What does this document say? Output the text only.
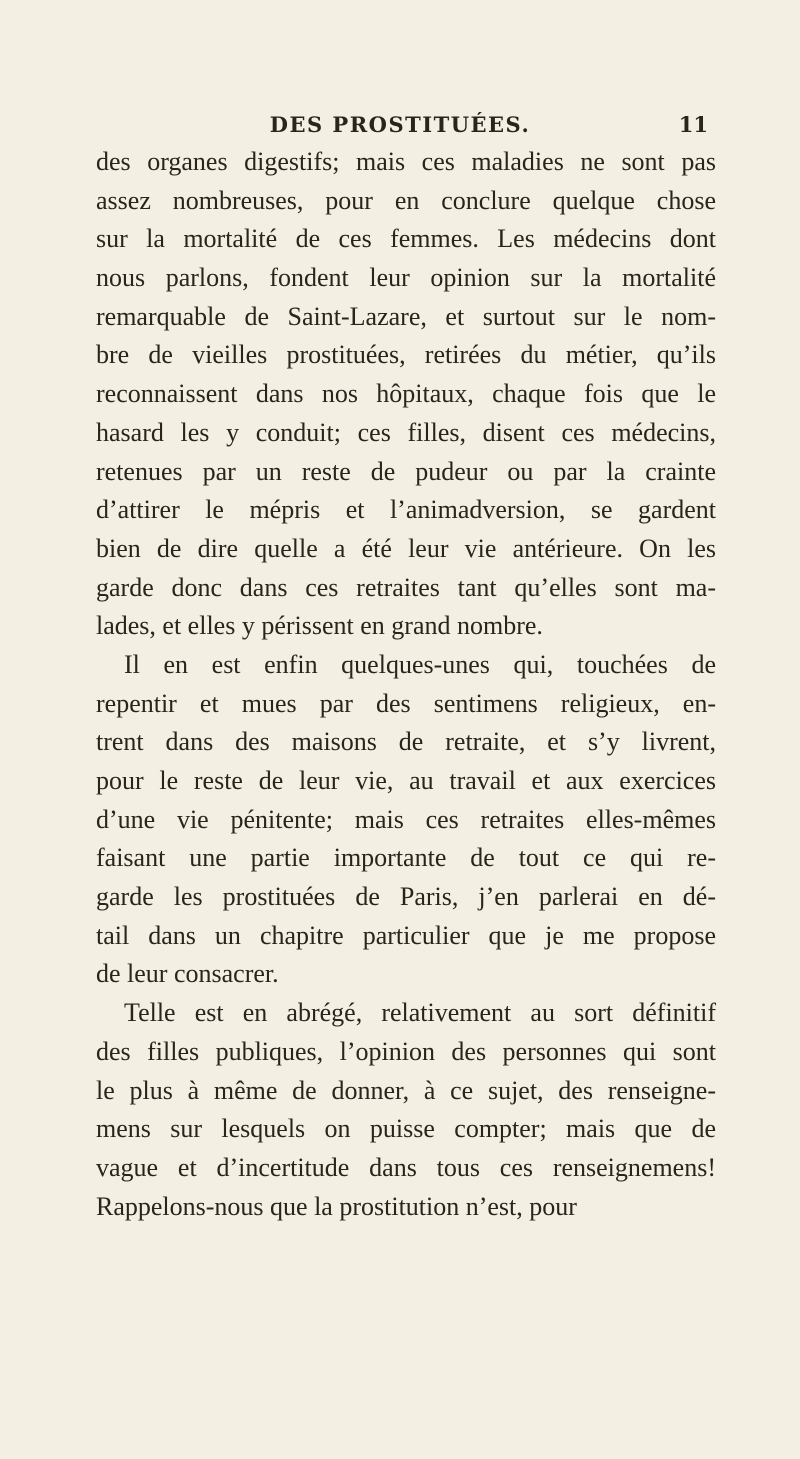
DES PROSTITUÉES.	11
des organes digestifs; mais ces maladies ne sont pas
assez nombreuses, pour en conclure quelque chose
sur la mortalité de ces femmes. Les médecins dont
nous parlons, fondent leur opinion sur la mortalité
remarquable de Saint-Lazare, et surtout sur le nom-
bre de vieilles prostituées, retirées du métier, qu’ils
reconnaissent dans nos hôpitaux, chaque fois que le
hasard les y conduit; ces filles, disent ces médecins,
retenues par un reste de pudeur ou par la crainte
d’attirer le mépris et l’animadversion, se gardent
bien de dire quelle a été leur vie antérieure. On les
garde donc dans ces retraites tant qu’elles sont ma-
lades, et elles y périssent en grand nombre.
Il en est enfin quelques-unes qui, touchées de
repentir et mues par des sentimens religieux, en-
trent dans des maisons de retraite, et s’y livrent,
pour le reste de leur vie, au travail et aux exercices
d’une vie pénitente; mais ces retraites elles-mêmes
faisant une partie importante de tout ce qui re-
garde les prostituées de Paris, j’en parlerai en dé-
tail dans un chapitre particulier que je me propose
de leur consacrer.
Telle est en abrégé, relativement au sort définitif
des filles publiques, l’opinion des personnes qui sont
le plus à même de donner, à ce sujet, des renseigne-
mens sur lesquels on puisse compter; mais que de
vague et d’incertitude dans tous ces renseignemens!
Rappelons-nous que la prostitution n’est, pour
